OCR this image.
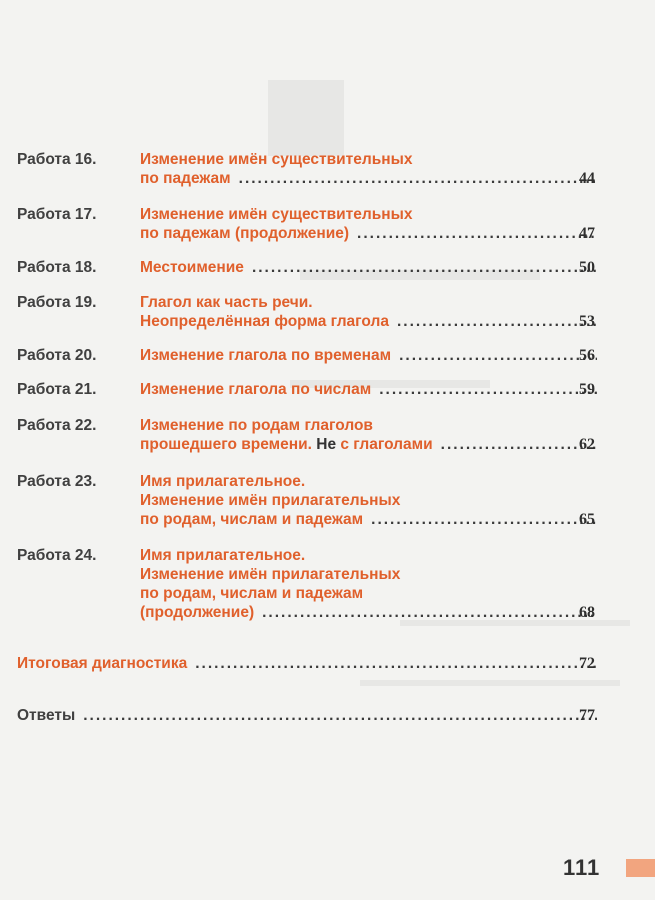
Работа 16.	Изменение имён существительных
по падежам .....	44
Работа 17.	Изменение имён существительных
по падежам (продолжение) .....	47
Работа 18.	Местоимение .....	50
Работа 19.	Глагол как часть речи.
Неопределённая форма глагола .....	53
Работа 20.	Изменение глагола по временам .....	56
Работа 21.	Изменение глагола по числам .....	59
Работа 22.	Изменение по родам глаголов
прошедшего времени. Не с глаголами .....	62
Работа 23.	Имя прилагательное.
Изменение имён прилагательных
по родам, числам и падежам .....	65
Работа 24.	Имя прилагательное.
Изменение имён прилагательных
по родам, числам и падежам
(продолжение) .....	68
Итоговая диагностика .....	72
Ответы .....	77
111
